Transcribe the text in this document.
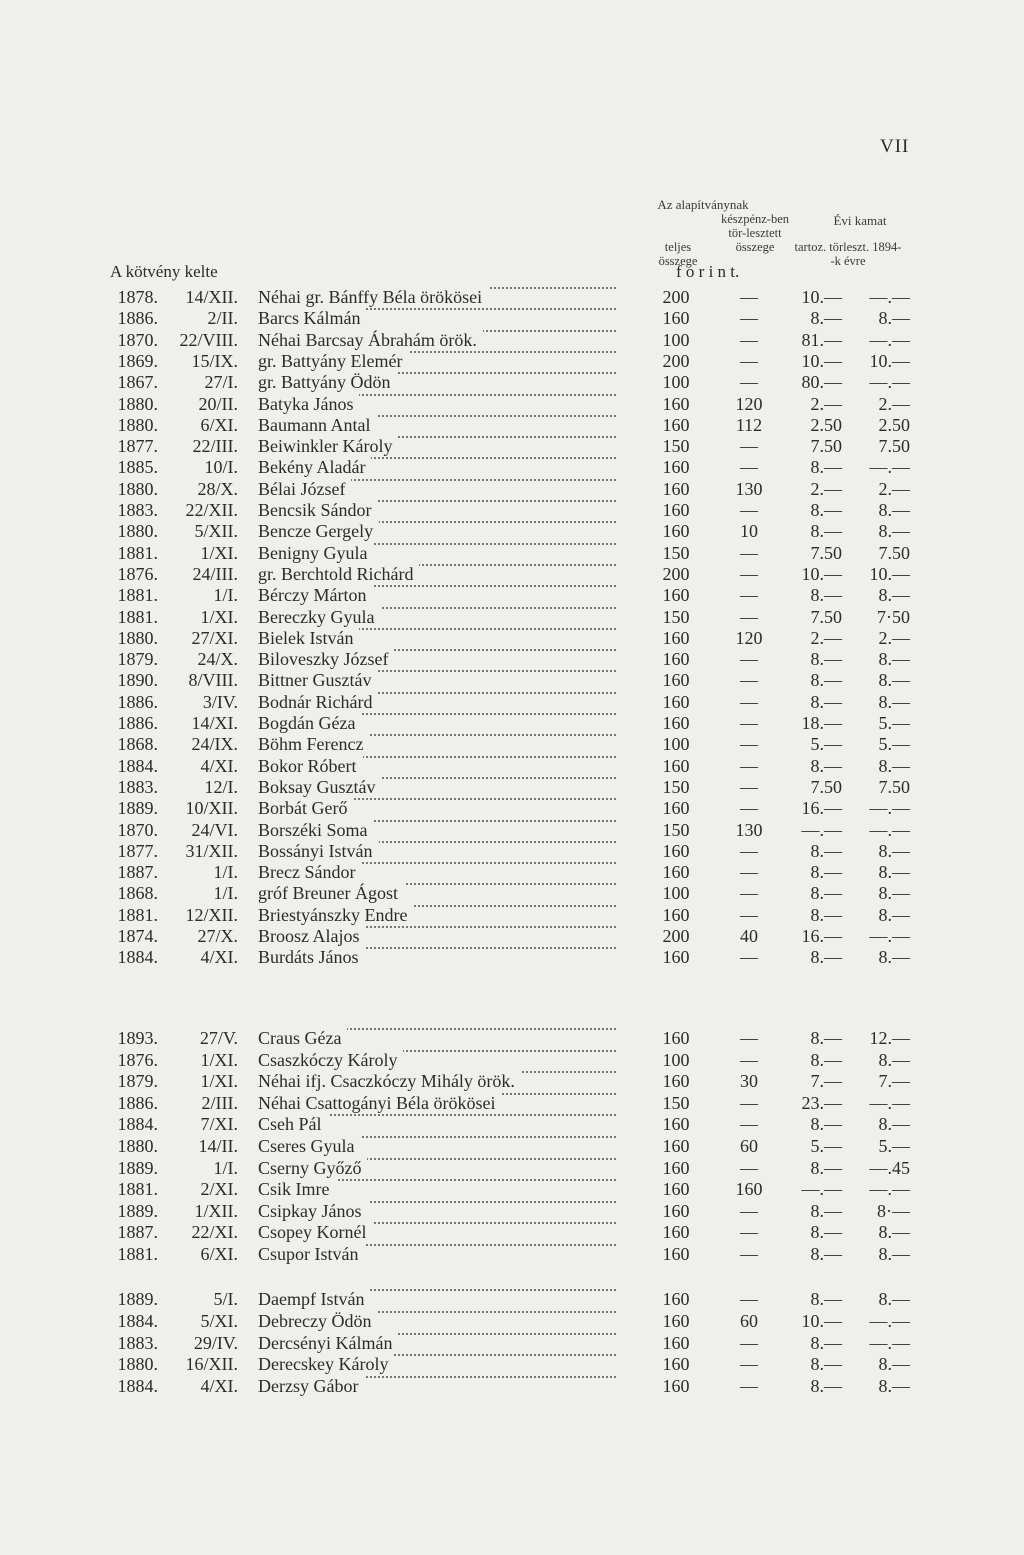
VII
Az alapítványnak
készpénz-ben tör-lesztett összege
teljes összege
Évi kamat
tartoz. törleszt. 1894-‑k évre
A kötvény kelte	f o r i n t.
1878.	14/XII. Néhai gr. Bánffy Béla örökösei	200	—	10.—	—.—
1886.	2/II. Barcs Kálmán	160	—	8.—	8.—
1870.	22/VIII. Néhai Barcsay Ábrahám örök.	100	—	81.—	—.—
1869.	15/IX. gr. Battyány Elemér	200	—	10.—	10.—
1867.	27/I. gr. Battyány Ödön	100	—	80.—	—.—
1880.	20/II. Batyka János	160	120	2.—	2.—
1880.	6/XI. Baumann Antal	160	112	2.50	2.50
1877.	22/III. Beiwinkler Károly	150	—	7.50	7.50
1885.	10/I. Bekény Aladár	160	—	8.—	—.—
1880.	28/X. Bélai József	160	130	2.—	2.—
1883.	22/XII. Bencsik Sándor	160	—	8.—	8.—
1880.	5/XII. Bencze Gergely	160	10	8.—	8.—
1881.	1/XI. Benigny Gyula	150	—	7.50	7.50
1876.	24/III. gr. Berchtold Richárd	200	—	10.—	10.—
1881.	1/I. Bérczy Márton	160	—	8.—	8.—
1881.	1/XI. Bereczky Gyula	150	—	7.50	7·50
1880.	27/XI. Bielek István	160	120	2.—	2.—
1879.	24/X. Biloveszky József	160	—	8.—	8.—
1890.	8/VIII. Bittner Gusztáv	160	—	8.—	8.—
1886.	3/IV. Bodnár Richárd	160	—	8.—	8.—
1886.	14/XI. Bogdán Géza	160	—	18.—	5.—
1868.	24/IX. Böhm Ferencz	100	—	5.—	5.—
1884.	4/XI. Bokor Róbert	160	—	8.—	8.—
1883.	12/I. Boksay Gusztáv	150	—	7.50	7.50
1889.	10/XII. Borbát Gerő	160	—	16.—	—.—
1870.	24/VI. Borszéki Soma	150	130	—.—	—.—
1877.	31/XII. Bossányi István	160	—	8.—	8.—
1887.	1/I. Brecz Sándor	160	—	8.—	8.—
1868.	1/I. gróf Breuner Ágost	100	—	8.—	8.—
1881.	12/XII. Briestyánszky Endre	160	—	8.—	8.—
1874.	27/X. Broosz Alajos	200	40	16.—	—.—
1884.	4/XI. Burdáts János	160	—	8.—	8.—
1893.	27/V. Craus Géza	160	—	8.—	12.—
1876.	1/XI. Csaszkóczy Károly	100	—	8.—	8.—
1879.	1/XI. Néhai ifj. Csaczkóczy Mihály örök.	160	30	7.—	7.—
1886.	2/III. Néhai Csattogányi Béla örökösei	150	—	23.—	—.—
1884.	7/XI. Cseh Pál	160	—	8.—	8.—
1880.	14/II. Cseres Gyula	160	60	5.—	5.—
1889.	1/I. Cserny Győző	160	—	8.—	—.45
1881.	2/XI. Csik Imre	160	160	—.—	—.—
1889.	1/XII. Csipkay János	160	—	8.—	8·—
1887.	22/XI. Csopey Kornél	160	—	8.—	8.—
1881.	6/XI. Csupor István	160	—	8.—	8.—
1889.	5/I. Daempf István	160	—	8.—	8.—
1884.	5/XI. Debreczy Ödön	160	60	10.—	—.—
1883.	29/IV. Dercsényi Kálmán	160	—	8.—	—.—
1880.	16/XII. Derecskey Károly	160	—	8.—	8.—
1884.	4/XI. Derzsy Gábor	160	—	8.—	8.—
